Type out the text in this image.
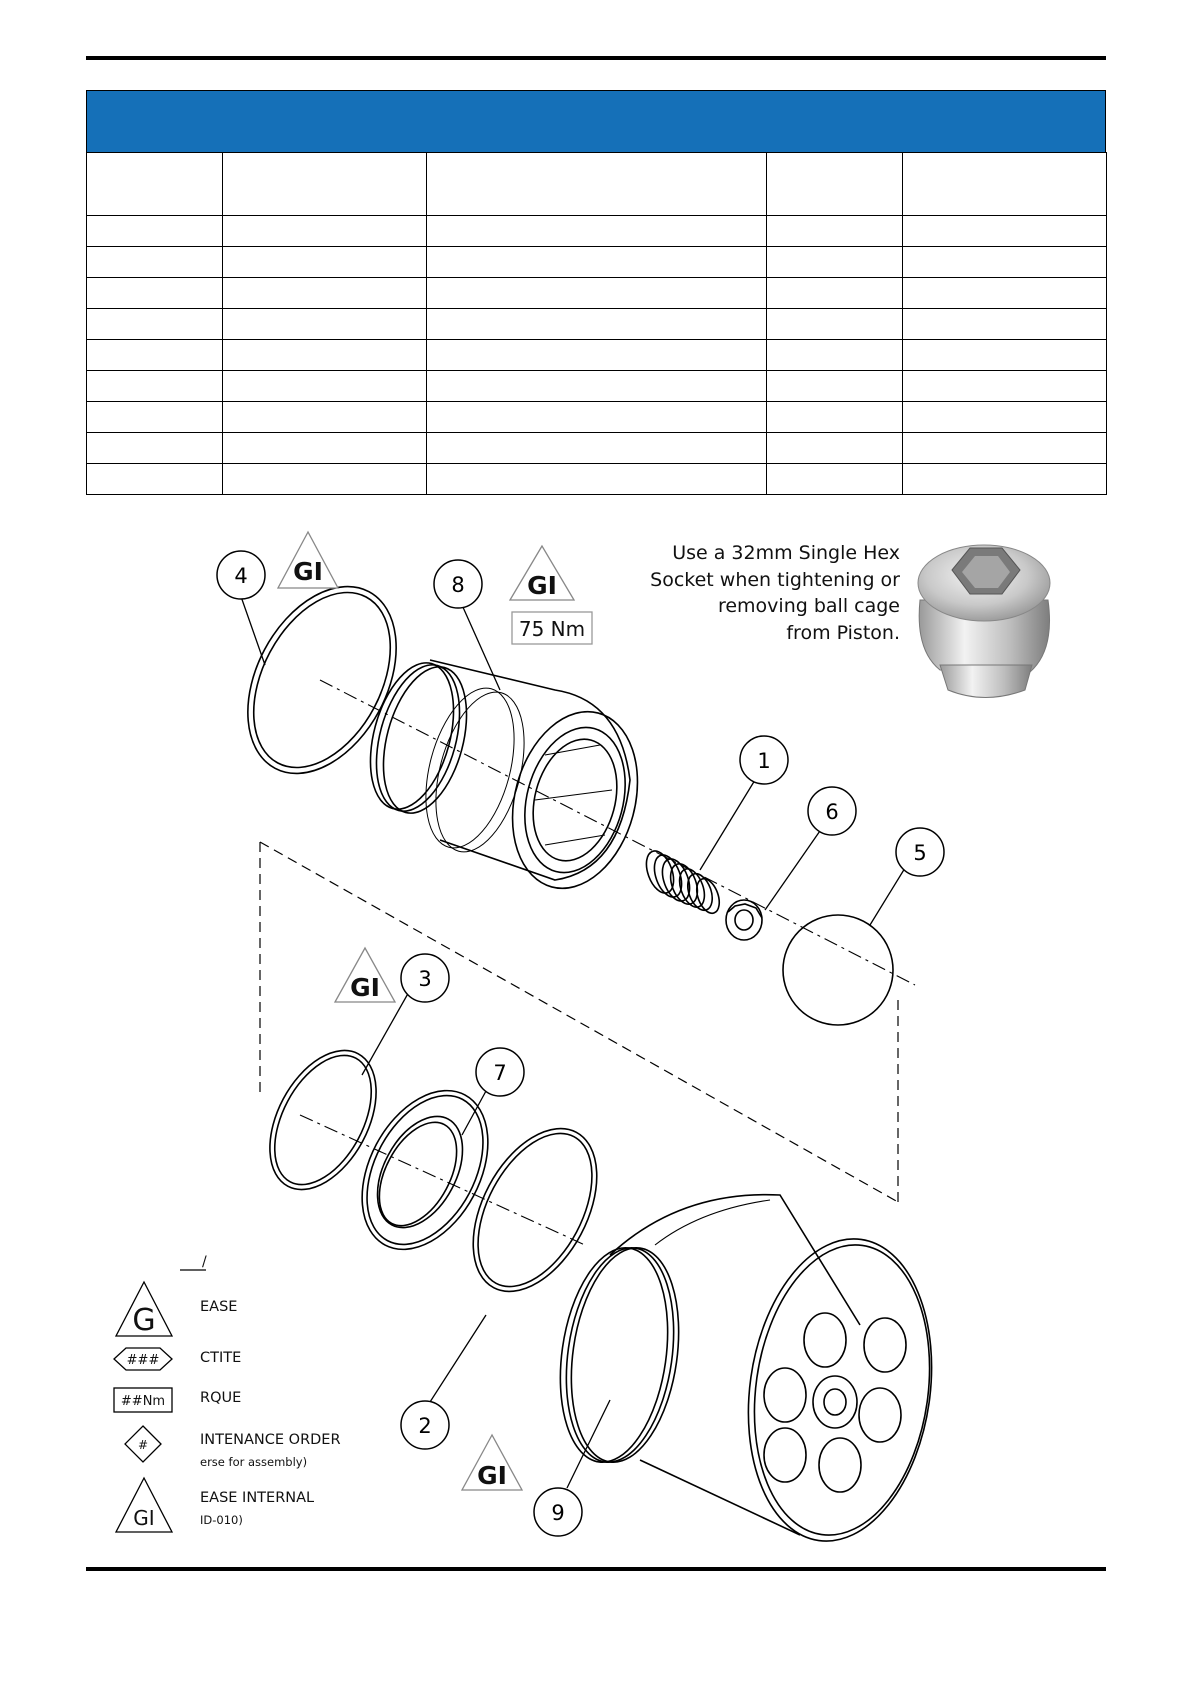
4	8
1
6
5
3
7
2
9
GI	GI
GI
GI
75 Nm
G
###
##Nm
#
GI
/
Use a 32mm Single Hex
Socket when tightening or
removing ball cage
from Piston.
EASE
CTITE
RQUE
INTENANCE ORDER
erse for assembly)
EASE INTERNAL
ID-010)
